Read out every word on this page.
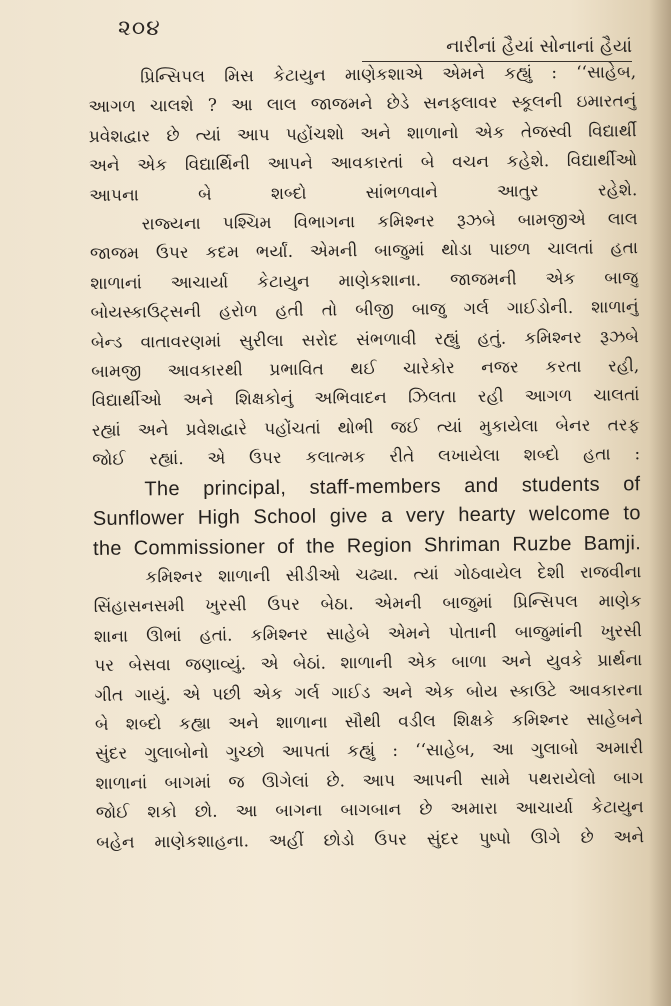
૨૦૪
નારીનાં હૈયાં સોનાનાં હૈયાં
પ્રિન્સિપલ મિસ કેટાયુન માણેકશાએ એમને કહ્યું : ‘‘સાહેબ,
આગળ ચાલશે ? આ લાલ જાજમને છેડે સનફ્લાવર સ્કૂલની ઇમારતનું
પ્રવેશદ્વાર છે ત્યાં આપ પહોંચશો અને શાળાનો એક તેજસ્વી વિદ્યાર્થી
અને એક વિદ્યાર્થિની આપને આવકારતાં બે વચન કહેશે. વિદ્યાર્થીઓ
આપના બે શબ્દો સાંભળવાને આતુર રહેશે.
રાજ્યના પશ્ચિમ વિભાગના કમિશ્નર રૂઝબે બામજીએ લાલ
જાજમ ઉપર કદમ ભર્યાં. એમની બાજુમાં થોડા પાછળ ચાલતાં હતા
શાળાનાં આચાર્યા કેટાયુન માણેકશાના. જાજમની એક બાજુ
બોયસ્કાઉટ્સની હરોળ હતી તો બીજી બાજુ ગર્લ ગાઈડોની. શાળાનું
બેન્ડ વાતાવરણમાં સુરીલા સરોદ સંભળાવી રહ્યું હતું. કમિશ્નર રૂઝબે
બામજી આવકારથી પ્રભાવિત થઈ ચારેકોર નજર કરતા રહી,
વિદ્યાર્થીઓ અને શિક્ષકોનું અભિવાદન ઝિલતા રહી આગળ ચાલતાં
રહ્યાં અને પ્રવેશદ્વારે પહોંચતાં થોભી જઈ ત્યાં મુકાયેલા બેનર તરફ
જોઈ રહ્યાં. એ ઉપર કલાત્મક રીતે લખાયેલા શબ્દો હતા :
The principal, staff-members and students of
Sunflower High School give a very hearty welcome to
the Commissioner of the Region Shriman Ruzbe Bamji.
કમિશ્નર શાળાની સીડીઓ ચઢ્યા. ત્યાં ગોઠવાયેલ દેશી રાજવીના
સિંહાસનસમી ખુરસી ઉપર બેઠા. એમની બાજુમાં પ્રિન્સિપલ માણેક
શાના ઊભાં હતાં. કમિશ્નર સાહેબે એમને પોતાની બાજુમાંની ખુરસી
પર બેસવા જણાવ્યું. એ બેઠાં. શાળાની એક બાળા અને યુવકે પ્રાર્થના
ગીત ગાયું. એ પછી એક ગર્લ ગાઈડ અને એક બોય સ્કાઉટે આવકારના
બે શબ્દો કહ્યા અને શાળાના સૌથી વડીલ શિક્ષકે કમિશ્નર સાહેબને
સુંદર ગુલાબોનો ગુચ્છો આપતાં કહ્યું : ‘‘સાહેબ, આ ગુલાબો અમારી
શાળાનાં બાગમાં જ ઊગેલાં છે. આપ આપની સામે પથરાયેલો બાગ
જોઈ શકો છો. આ બાગના બાગબાન છે અમારા આચાર્યા કેટાયુન
બહેન માણેકશાહના. અહીં છોડો ઉપર સુંદર પુષ્પો ઊગે છે અને
